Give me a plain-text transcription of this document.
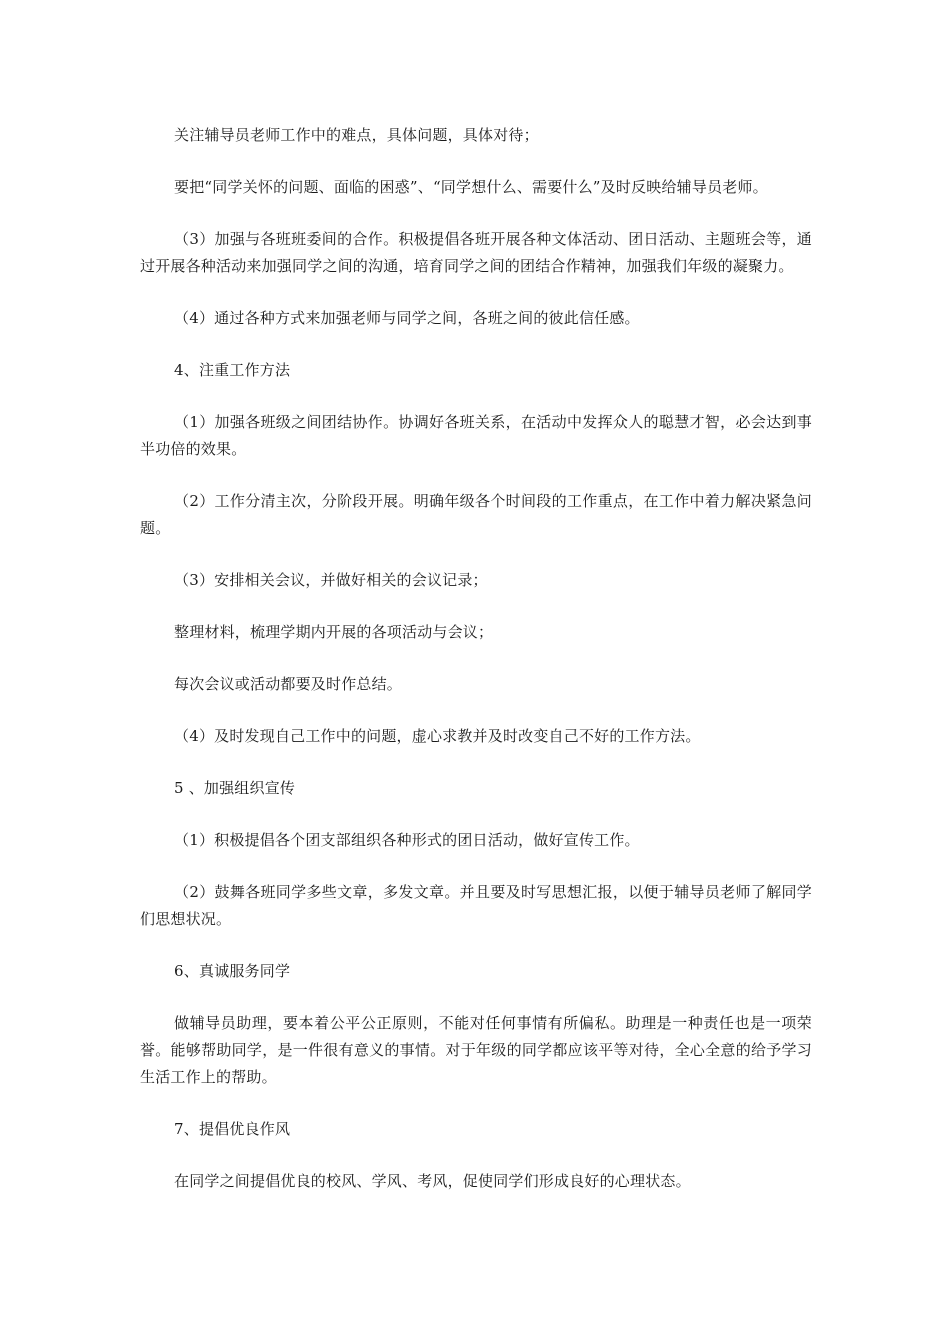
关注辅导员老师工作中的难点，具体问题，具体对待；

要把“同学关怀的问题、面临的困惑”、“同学想什么、需要什么”及时反映给辅导员老师。

（3）加强与各班班委间的合作。积极提倡各班开展各种文体活动、团日活动、主题班会等，通过开展各种活动来加强同学之间的沟通，培育同学之间的团结合作精神，加强我们年级的凝聚力。

（4）通过各种方式来加强老师与同学之间，各班之间的彼此信任感。

4、注重工作方法

（1）加强各班级之间团结协作。协调好各班关系，在活动中发挥众人的聪慧才智，必会达到事半功倍的效果。

（2）工作分清主次，分阶段开展。明确年级各个时间段的工作重点，在工作中着力解决紧急问题。

（3）安排相关会议，并做好相关的会议记录；

整理材料，梳理学期内开展的各项活动与会议；

每次会议或活动都要及时作总结。

（4）及时发现自己工作中的问题，虚心求教并及时改变自己不好的工作方法。

5 、加强组织宣传

（1）积极提倡各个团支部组织各种形式的团日活动，做好宣传工作。

（2）鼓舞各班同学多些文章，多发文章。并且要及时写思想汇报，以便于辅导员老师了解同学们思想状况。

6、真诚服务同学

做辅导员助理，要本着公平公正原则，不能对任何事情有所偏私。助理是一种责任也是一项荣誉。能够帮助同学，是一件很有意义的事情。对于年级的同学都应该平等对待，全心全意的给予学习生活工作上的帮助。

7、提倡优良作风

在同学之间提倡优良的校风、学风、考风，促使同学们形成良好的心理状态。
